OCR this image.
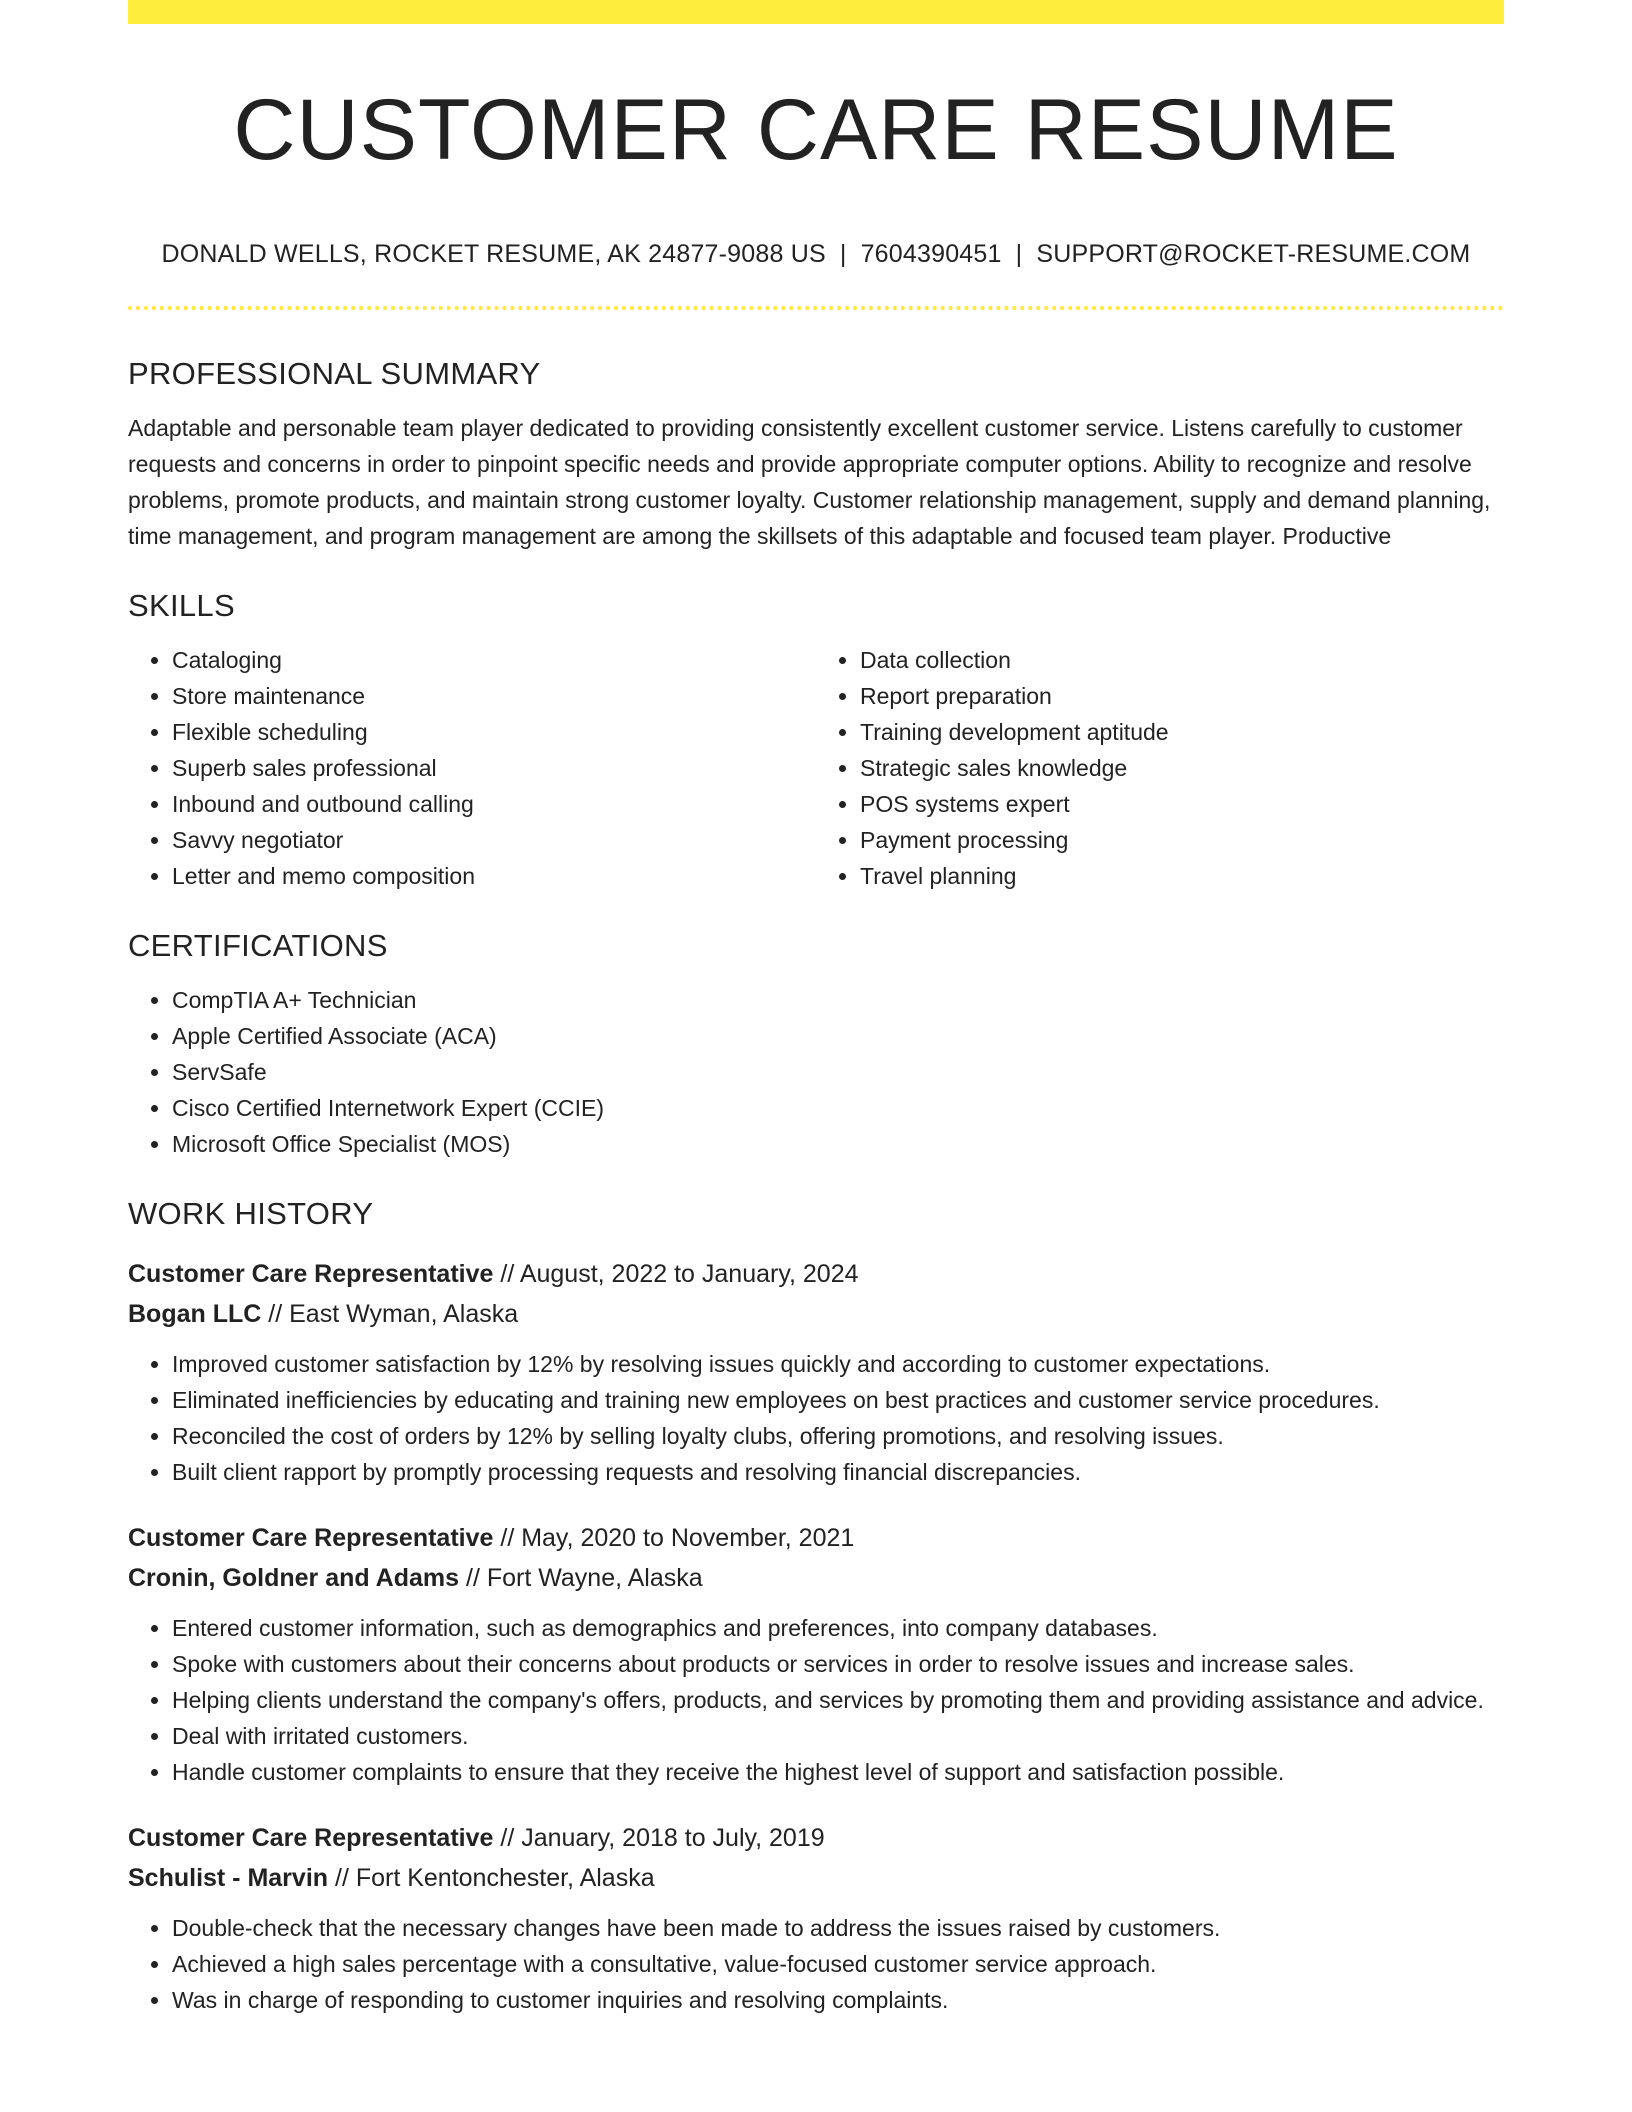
CUSTOMER CARE RESUME
DONALD WELLS, ROCKET RESUME, AK 24877-9088 US | 7604390451 | SUPPORT@ROCKET-RESUME.COM
PROFESSIONAL SUMMARY

Adaptable and personable team player dedicated to providing consistently excellent customer service. Listens carefully to customer requests and concerns in order to pinpoint specific needs and provide appropriate computer options. Ability to recognize and resolve problems, promote products, and maintain strong customer loyalty. Customer relationship management, supply and demand planning, time management, and program management are among the skillsets of this adaptable and focused team player. Productive

SKILLS
• Cataloging
• Store maintenance
• Flexible scheduling
• Superb sales professional
• Inbound and outbound calling
• Savvy negotiator
• Letter and memo composition
• Data collection
• Report preparation
• Training development aptitude
• Strategic sales knowledge
• POS systems expert
• Payment processing
• Travel planning
CERTIFICATIONS
• CompTIA A+ Technician
• Apple Certified Associate (ACA)
• ServSafe
• Cisco Certified Internetwork Expert (CCIE)
• Microsoft Office Specialist (MOS)
WORK HISTORY
Customer Care Representative // August, 2022 to January, 2024
Bogan LLC // East Wyman, Alaska
• Improved customer satisfaction by 12% by resolving issues quickly and according to customer expectations.
• Eliminated inefficiencies by educating and training new employees on best practices and customer service procedures.
• Reconciled the cost of orders by 12% by selling loyalty clubs, offering promotions, and resolving issues.
• Built client rapport by promptly processing requests and resolving financial discrepancies.
Customer Care Representative // May, 2020 to November, 2021
Cronin, Goldner and Adams // Fort Wayne, Alaska
• Entered customer information, such as demographics and preferences, into company databases.
• Spoke with customers about their concerns about products or services in order to resolve issues and increase sales.
• Helping clients understand the company's offers, products, and services by promoting them and providing assistance and advice.
• Deal with irritated customers.
• Handle customer complaints to ensure that they receive the highest level of support and satisfaction possible.
Customer Care Representative // January, 2018 to July, 2019
Schulist - Marvin // Fort Kentonchester, Alaska
• Double-check that the necessary changes have been made to address the issues raised by customers.
• Achieved a high sales percentage with a consultative, value-focused customer service approach.
• Was in charge of responding to customer inquiries and resolving complaints.
